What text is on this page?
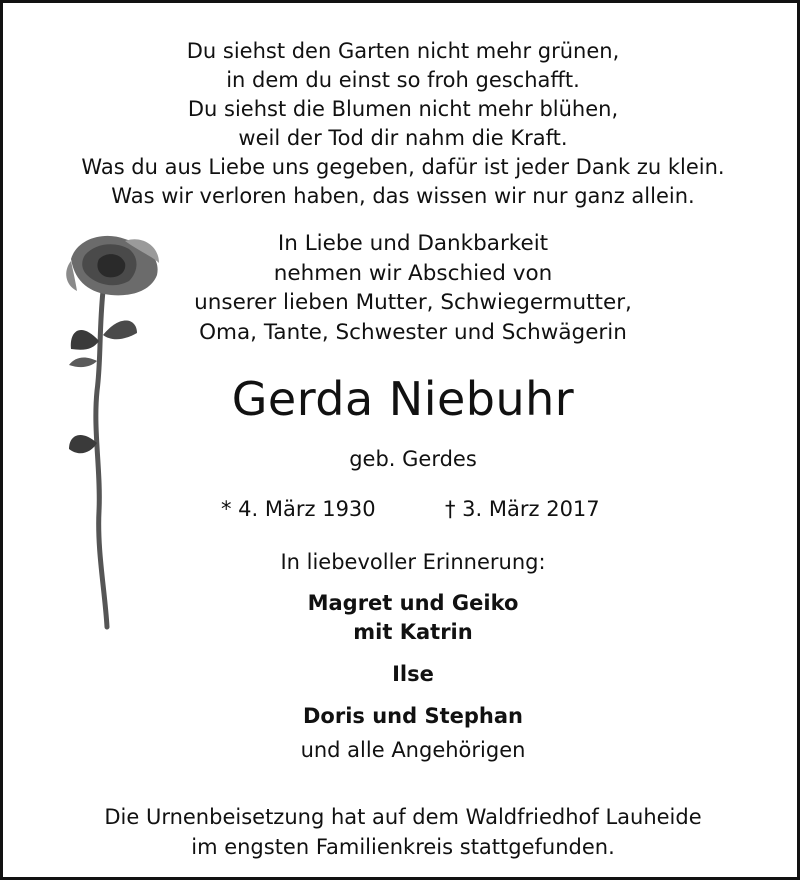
Du siehst den Garten nicht mehr grünen,
in dem du einst so froh geschafft.
Du siehst die Blumen nicht mehr blühen,
weil der Tod dir nahm die Kraft.
Was du aus Liebe uns gegeben, dafür ist jeder Dank zu klein.
Was wir verloren haben, das wissen wir nur ganz allein.
In Liebe und Dankbarkeit
nehmen wir Abschied von
unserer lieben Mutter, Schwiegermutter,
Oma, Tante, Schwester und Schwägerin
Gerda Niebuhr
geb. Gerdes
* 4. März 1930	† 3. März 2017
In liebevoller Erinnerung:
Magret und Geiko
mit Katrin
Ilse
Doris und Stephan
und alle Angehörigen
Die Urnenbeisetzung hat auf dem Waldfriedhof Lauheide
im engsten Familienkreis stattgefunden.
